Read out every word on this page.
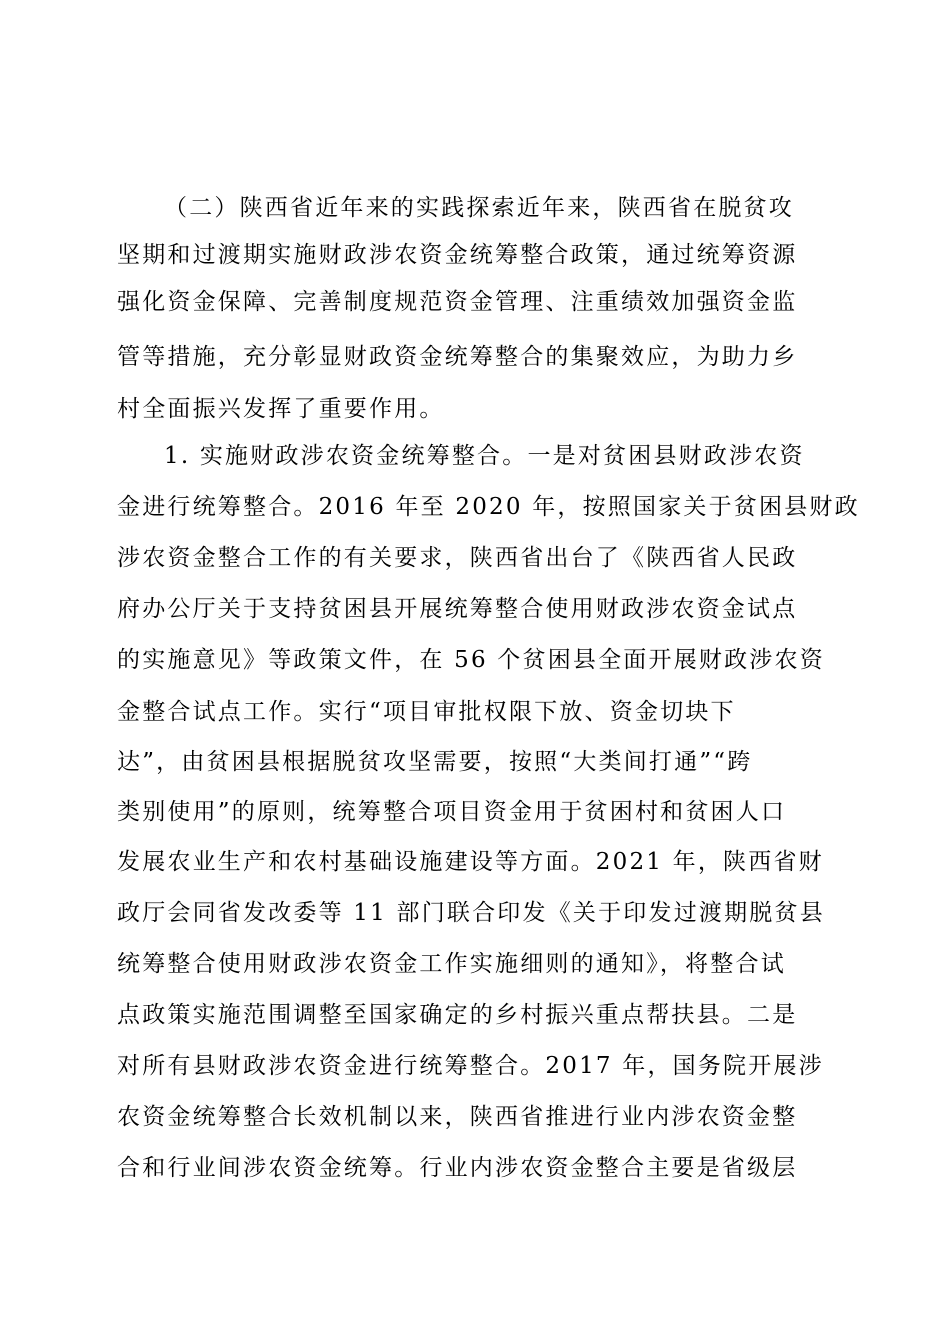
（二）陕西省近年来的实践探索近年来，陕西省在脱贫攻
坚期和过渡期实施财政涉农资金统筹整合政策，通过统筹资源
强化资金保障、完善制度规范资金管理、注重绩效加强资金监
管等措施，充分彰显财政资金统筹整合的集聚效应，为助力乡
村全面振兴发挥了重要作用。
1. 实施财政涉农资金统筹整合。一是对贫困县财政涉农资
金进行统筹整合。2016 年至 2020 年，按照国家关于贫困县财政
涉农资金整合工作的有关要求，陕西省出台了《陕西省人民政
府办公厅关于支持贫困县开展统筹整合使用财政涉农资金试点
的实施意见》等政策文件，在 56 个贫困县全面开展财政涉农资
金整合试点工作。实行“项目审批权限下放、资金切块下
达”，由贫困县根据脱贫攻坚需要，按照“大类间打通”“跨
类别使用”的原则，统筹整合项目资金用于贫困村和贫困人口
发展农业生产和农村基础设施建设等方面。2021 年，陕西省财
政厅会同省发改委等 11 部门联合印发《关于印发过渡期脱贫县
统筹整合使用财政涉农资金工作实施细则的通知》，将整合试
点政策实施范围调整至国家确定的乡村振兴重点帮扶县。二是
对所有县财政涉农资金进行统筹整合。2017 年，国务院开展涉
农资金统筹整合长效机制以来，陕西省推进行业内涉农资金整
合和行业间涉农资金统筹。行业内涉农资金整合主要是省级层
